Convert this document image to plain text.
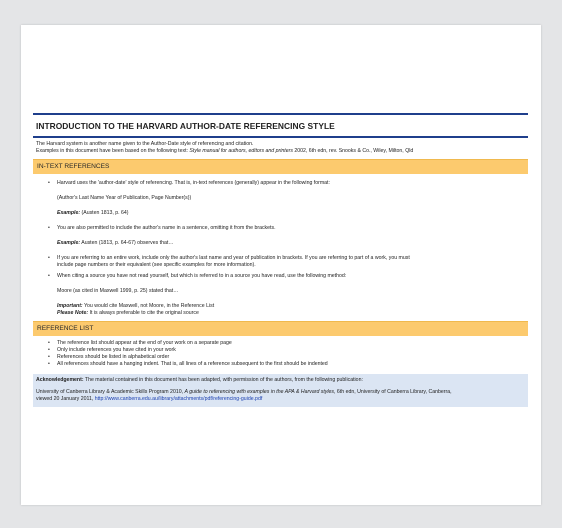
INTRODUCTION TO THE HARVARD AUTHOR-DATE REFERENCING STYLE
The Harvard system is another name given to the Author-Date style of referencing and citation.
Examples in this document have been based on the following text: Style manual for authors, editors and printers 2002, 6th edn, rev. Snooks & Co., Wiley, Milton, Qld
IN-TEXT REFERENCES
• Harvard uses the 'author-date' style of referencing. That is, in-text references (generally) appear in the following format:
(Author's Last Name Year of Publication, Page Number(s))
Example: (Austen 1813, p. 64)
• You are also permitted to include the author's name in a sentence, omitting it from the brackets.
Example: Austen (1813, p. 64-67) observes that…
• If you are referring to an entire work, include only the author's last name and year of publication in brackets. If you are referring to part of a work, you must
include page numbers or their equivalent (see specific examples for more information).
• When citing a source you have not read yourself, but which is referred to in a source you have read, use the following method:
Moore (as cited in Maxwell 1999, p. 25) stated that…
Important: You would cite Maxwell, not Moore, in the Reference List
Please Note: It is always preferable to cite the original source
REFERENCE LIST
• The reference list should appear at the end of your work on a separate page
• Only include references you have cited in your work
• References should be listed in alphabetical order
• All references should have a hanging indent. That is, all lines of a reference subsequent to the first should be indented
Acknowledgement: The material contained in this document has been adapted, with permission of the authors, from the following publication:
University of Canberra Library & Academic Skills Program 2010, A guide to referencing with examples in the APA & Harvard styles, 6th edn, University of Canberra Library, Canberra,
viewed 20 January 2011, http://www.canberra.edu.au/library/attachments/pdf/referencing-guide.pdf
